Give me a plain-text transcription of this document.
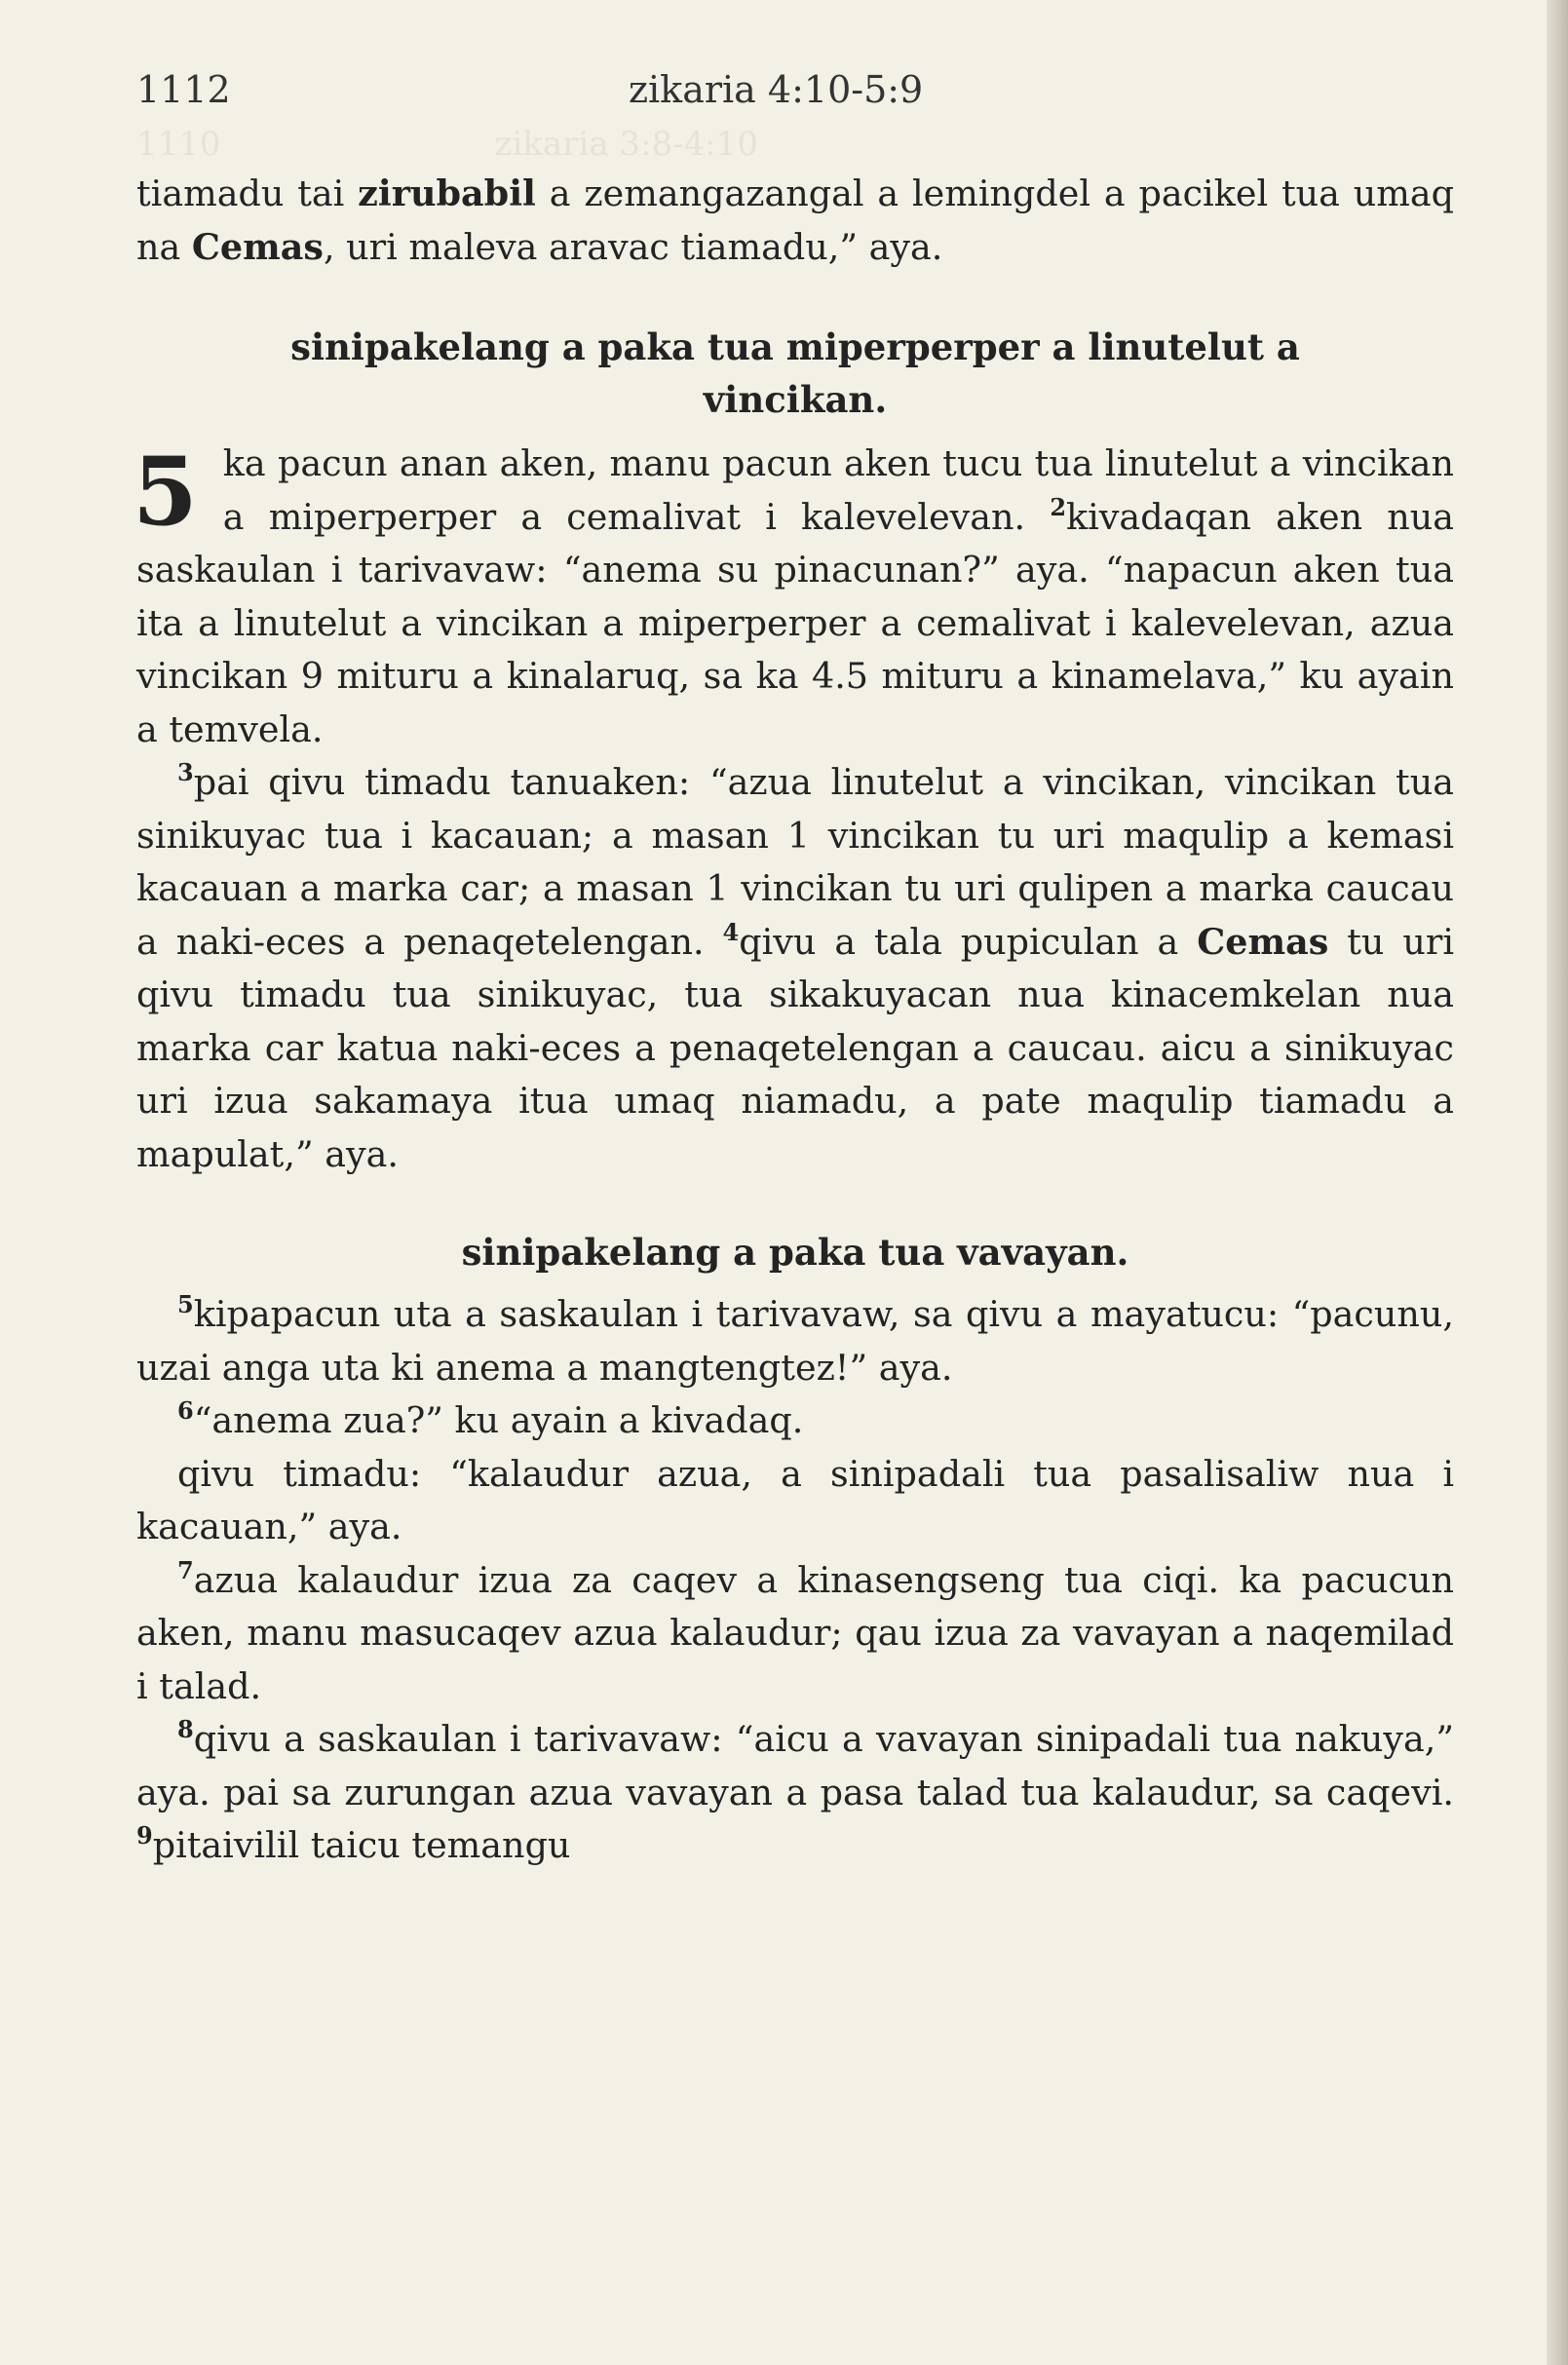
1110                          zikaria 3:8-4:10
1112	zikaria 4:10-5:9

tiamadu tai zirubabil a zemangazangal a lemingdel a pacikel tua umaq na Cemas, uri maleva aravac tiamadu,” aya.

sinipakelang a paka tua miperperper a linutelut a vincikan.

5 ka pacun anan aken, manu pacun aken tucu tua linutelut a vincikan a miperperper a cemalivat i kalevelevan. $^2$kivadaqan aken nua saskaulan i tarivavaw: “anema su pinacunan?” aya. “napacun aken tua ita a linutelut a vincikan a miperperper a cemalivat i kalevelevan, azua vincikan 9 mituru a kinalaruq, sa ka 4.5 mituru a kinamelava,” ku ayain a temvela.

$^3$pai qivu timadu tanuaken: “azua linutelut a vincikan, vincikan tua sinikuyac tua i kacauan; a masan 1 vincikan tu uri maqulip a kemasi kacauan a marka car; a masan 1 vincikan tu uri qulipen a marka caucau a naki-eces a penaqetelengan. $^4$qivu a tala pupiculan a Cemas tu uri qivu timadu tua sinikuyac, tua sikakuyacan nua kinacemkelan nua marka car katua naki-eces a penaqetelengan a caucau. aicu a sinikuyac uri izua sakamaya itua umaq niamadu, a pate maqulip tiamadu a mapulat,” aya.

sinipakelang a paka tua vavayan.

$^5$kipapacun uta a saskaulan i tarivavaw, sa qivu a mayatucu: “pacunu, uzai anga uta ki anema a mangtengtez!” aya.

$^6$“anema zua?” ku ayain a kivadaq.

qivu timadu: “kalaudur azua, a sinipadali tua pasalisaliw nua i kacauan,” aya.

$^7$azua kalaudur izua za caqev a kinasengseng tua ciqi. ka pacucun aken, manu masucaqev azua kalaudur; qau izua za vavayan a naqemilad i talad.

$^8$qivu a saskaulan i tarivavaw: “aicu a vavayan sinipadali tua nakuya,” aya. pai sa zurungan azua vavayan a pasa talad tua kalaudur, sa caqevi. $^9$pitaivilil taicu temangu
